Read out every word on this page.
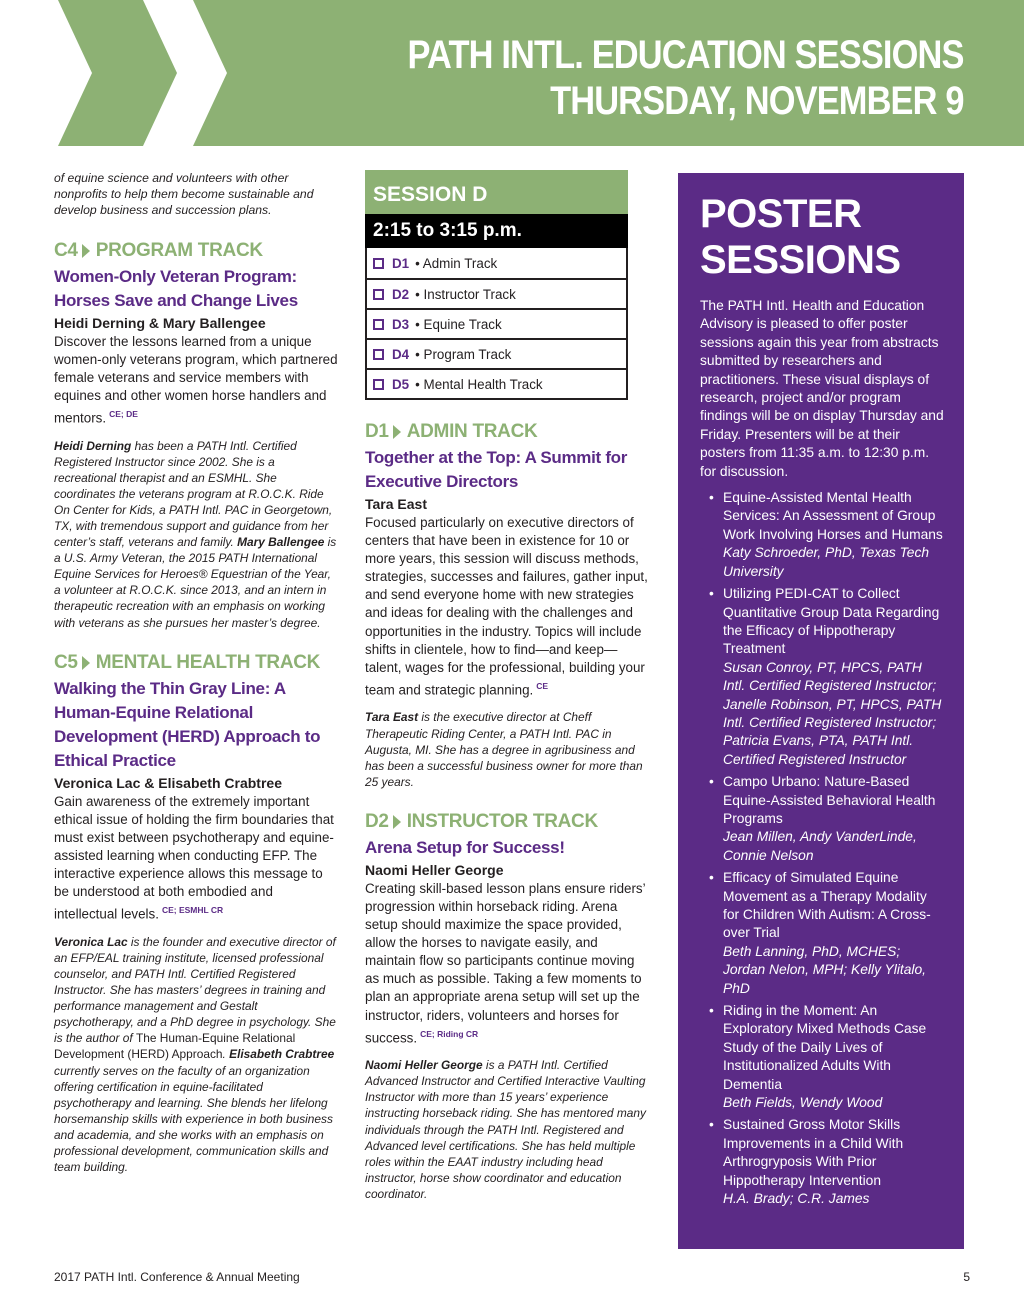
PATH INTL. EDUCATION SESSIONS
THURSDAY, NOVEMBER 9

of equine science and volunteers with other nonprofits to help them become sustainable and develop business and succession plans.

C4 PROGRAM TRACK
Women-Only Veteran Program: Horses Save and Change Lives
Heidi Derning & Mary Ballengee

Discover the lessons learned from a unique women-only veterans program, which partnered female veterans and service members with equines and other women horse handlers and mentors. $^{CE; DE}$

Heidi Derning has been a PATH Intl. Certified Registered Instructor since 2002. She is a recreational therapist and an ESMHL. She coordinates the veterans program at R.O.C.K. Ride On Center for Kids, a PATH Intl. PAC in Georgetown, TX, with tremendous support and guidance from her center’s staff, veterans and family. Mary Ballengee is a U.S. Army Veteran, the 2015 PATH International Equine Services for Heroes® Equestrian of the Year, a volunteer at R.O.C.K. since 2013, and an intern in therapeutic recreation with an emphasis on working with veterans as she pursues her master’s degree.

C5 MENTAL HEALTH TRACK
Walking the Thin Gray Line: A Human-Equine Relational Development (HERD) Approach to Ethical Practice
Veronica Lac & Elisabeth Crabtree

Gain awareness of the extremely important ethical issue of holding the firm boundaries that must exist between psychotherapy and equine-assisted learning when conducting EFP. The interactive experience allows this message to be understood at both embodied and intellectual levels. $^{CE; ESMHL CR}$

Veronica Lac is the founder and executive director of an EFP/EAL training institute, licensed professional counselor, and PATH Intl. Certified Registered Instructor. She has masters’ degrees in training and performance management and Gestalt psychotherapy, and a PhD degree in psychology. She is the author of The Human-Equine Relational Development (HERD) Approach. Elisabeth Crabtree currently serves on the faculty of an organization offering certification in equine-facilitated psychotherapy and learning. She blends her lifelong horsemanship skills with experience in both business and academia, and she works with an emphasis on professional development, communication skills and team building.

SESSION D
2:15 to 3:15 p.m.
D1 • Admin Track
D2 • Instructor Track
D3 • Equine Track
D4 • Program Track
D5 • Mental Health Track
D1 ADMIN TRACK
Together at the Top: A Summit for Executive Directors
Tara East

Focused particularly on executive directors of centers that have been in existence for 10 or more years, this session will discuss methods, strategies, successes and failures, gather input, and send everyone home with new strategies and ideas for dealing with the challenges and opportunities in the industry. Topics will include shifts in clientele, how to find—and keep—talent, wages for the professional, building your team and strategic planning. $^{CE}$

Tara East is the executive director at Cheff Therapeutic Riding Center, a PATH Intl. PAC in Augusta, MI. She has a degree in agribusiness and has been a successful business owner for more than 25 years.

D2 INSTRUCTOR TRACK
Arena Setup for Success!
Naomi Heller George

Creating skill-based lesson plans ensure riders’ progression within horseback riding. Arena setup should maximize the space provided, allow the horses to navigate easily, and maintain flow so participants continue moving as much as possible. Taking a few moments to plan an appropriate arena setup will set up the instructor, riders, volunteers and horses for success. $^{CE; Riding CR}$

Naomi Heller George is a PATH Intl. Certified Advanced Instructor and Certified Interactive Vaulting Instructor with more than 15 years’ experience instructing horseback riding. She has mentored many individuals through the PATH Intl. Registered and Advanced level certifications. She has held multiple roles within the EAAT industry including head instructor, horse show coordinator and education coordinator.

POSTER
SESSIONS

The PATH Intl. Health and Education Advisory is pleased to offer poster sessions again this year from abstracts submitted by researchers and practitioners. These visual displays of research, project and/or program findings will be on display Thursday and Friday. Presenters will be at their posters from 11:35 a.m. to 12:30 p.m. for discussion.

• Equine-Assisted Mental Health Services: An Assessment of Group Work Involving Horses and Humans
Katy Schroeder, PhD, Texas Tech University
• Utilizing PEDI-CAT to Collect Quantitative Group Data Regarding the Efficacy of Hippotherapy Treatment
Susan Conroy, PT, HPCS, PATH Intl. Certified Registered Instructor; Janelle Robinson, PT, HPCS, PATH Intl. Certified Registered Instructor; Patricia Evans, PTA, PATH Intl. Certified Registered Instructor
• Campo Urbano: Nature-Based Equine-Assisted Behavioral Health Programs
Jean Millen, Andy VanderLinde, Connie Nelson
• Efficacy of Simulated Equine Movement as a Therapy Modality for Children With Autism: A Cross-over Trial
Beth Lanning, PhD, MCHES; Jordan Nelon, MPH; Kelly Ylitalo, PhD
• Riding in the Moment: An Exploratory Mixed Methods Case Study of the Daily Lives of Institutionalized Adults With Dementia
Beth Fields, Wendy Wood
• Sustained Gross Motor Skills Improvements in a Child With Arthrogryposis With Prior Hippotherapy Intervention
H.A. Brady; C.R. James
2017 PATH Intl. Conference & Annual Meeting	5
